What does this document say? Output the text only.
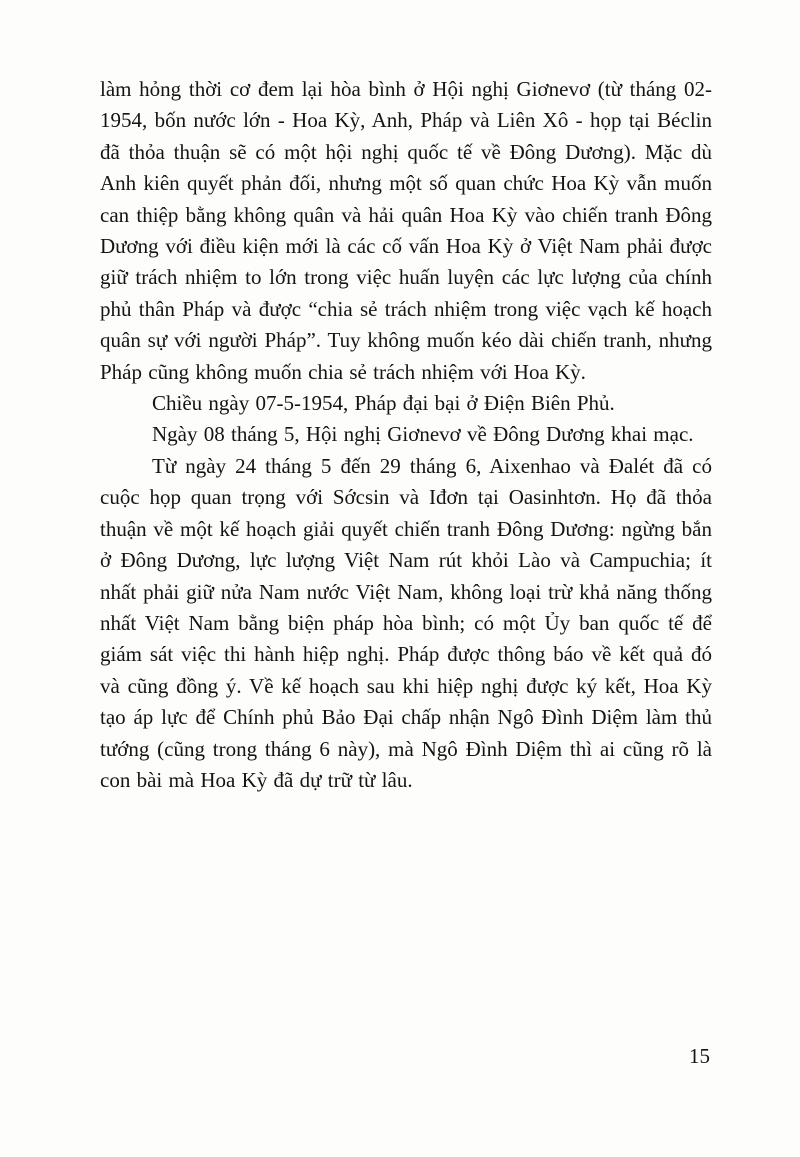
làm hỏng thời cơ đem lại hòa bình ở Hội nghị Giơnevơ (từ tháng 02-1954, bốn nước lớn - Hoa Kỳ, Anh, Pháp và Liên Xô - họp tại Béclin đã thỏa thuận sẽ có một hội nghị quốc tế về Đông Dương). Mặc dù Anh kiên quyết phản đối, nhưng một số quan chức Hoa Kỳ vẫn muốn can thiệp bằng không quân và hải quân Hoa Kỳ vào chiến tranh Đông Dương với điều kiện mới là các cố vấn Hoa Kỳ ở Việt Nam phải được giữ trách nhiệm to lớn trong việc huấn luyện các lực lượng của chính phủ thân Pháp và được “chia sẻ trách nhiệm trong việc vạch kế hoạch quân sự với người Pháp”. Tuy không muốn kéo dài chiến tranh, nhưng Pháp cũng không muốn chia sẻ trách nhiệm với Hoa Kỳ.

Chiều ngày 07-5-1954, Pháp đại bại ở Điện Biên Phủ.

Ngày 08 tháng 5, Hội nghị Giơnevơ về Đông Dương khai mạc.

Từ ngày 24 tháng 5 đến 29 tháng 6, Aixenhao và Đalét đã có cuộc họp quan trọng với Sớcsin và Iđơn tại Oasinhtơn. Họ đã thỏa thuận về một kế hoạch giải quyết chiến tranh Đông Dương: ngừng bắn ở Đông Dương, lực lượng Việt Nam rút khỏi Lào và Campuchia; ít nhất phải giữ nửa Nam nước Việt Nam, không loại trừ khả năng thống nhất Việt Nam bằng biện pháp hòa bình; có một Ủy ban quốc tế để giám sát việc thi hành hiệp nghị. Pháp được thông báo về kết quả đó và cũng đồng ý. Về kế hoạch sau khi hiệp nghị được ký kết, Hoa Kỳ tạo áp lực để Chính phủ Bảo Đại chấp nhận Ngô Đình Diệm làm thủ tướng (cũng trong tháng 6 này), mà Ngô Đình Diệm thì ai cũng rõ là con bài mà Hoa Kỳ đã dự trữ từ lâu.

15
